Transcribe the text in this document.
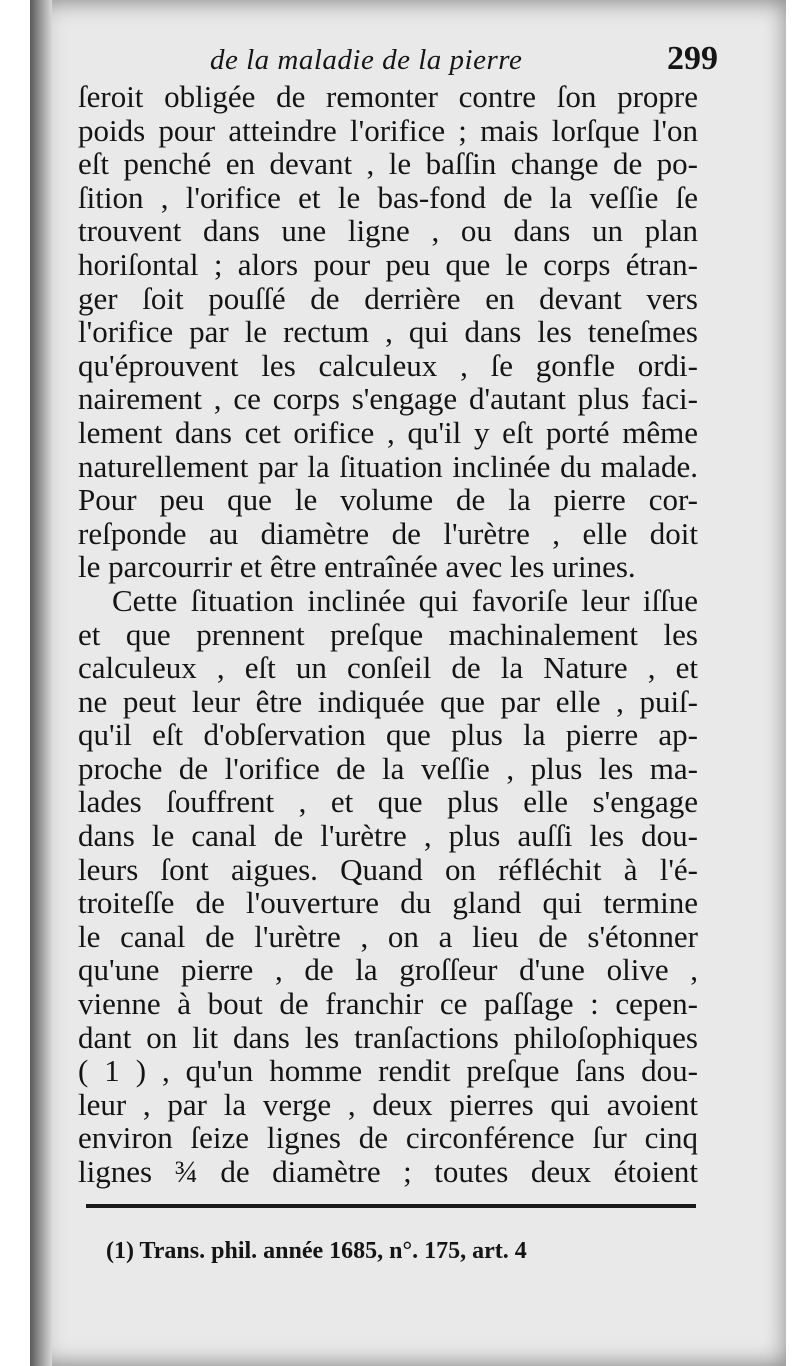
de la maladie de la pierre	299
ſeroit obligée de remonter contre ſon propre
poids pour atteindre l'orifice ; mais lorſque l'on
eſt penché en devant , le baſſin change de po-
ſition , l'orifice et le bas-fond de la veſſie ſe
trouvent dans une ligne , ou dans un plan
horiſontal ; alors pour peu que le corps étran-
ger ſoit pouſſé de derrière en devant vers
l'orifice par le rectum , qui dans les teneſmes
qu'éprouvent les calculeux , ſe gonfle ordi-
nairement , ce corps s'engage d'autant plus faci-
lement dans cet orifice , qu'il y eſt porté même
naturellement par la ſituation inclinée du malade.
Pour peu que le volume de la pierre cor-
reſponde au diamètre de l'urètre , elle doit
le parcourrir et être entraînée avec les urines.
Cette ſituation inclinée qui favoriſe leur iſſue
et que prennent preſque machinalement les
calculeux , eſt un conſeil de la Nature , et
ne peut leur être indiquée que par elle , puiſ-
qu'il eſt d'obſervation que plus la pierre ap-
proche de l'orifice de la veſſie , plus les ma-
lades ſouffrent , et que plus elle s'engage
dans le canal de l'urètre , plus auſſi les dou-
leurs ſont aigues. Quand on réfléchit à l'é-
troiteſſe de l'ouverture du gland qui termine
le canal de l'urètre , on a lieu de s'étonner
qu'une pierre , de la groſſeur d'une olive ,
vienne à bout de franchir ce paſſage : cepen-
dant on lit dans les tranſactions philoſophiques
( 1 ) , qu'un homme rendit preſque ſans dou-
leur , par la verge , deux pierres qui avoient
environ ſeize lignes de circonférence ſur cinq
lignes ¾ de diamètre ; toutes deux étoient
(1) Trans. phil. année 1685, n°. 175, art. 4
